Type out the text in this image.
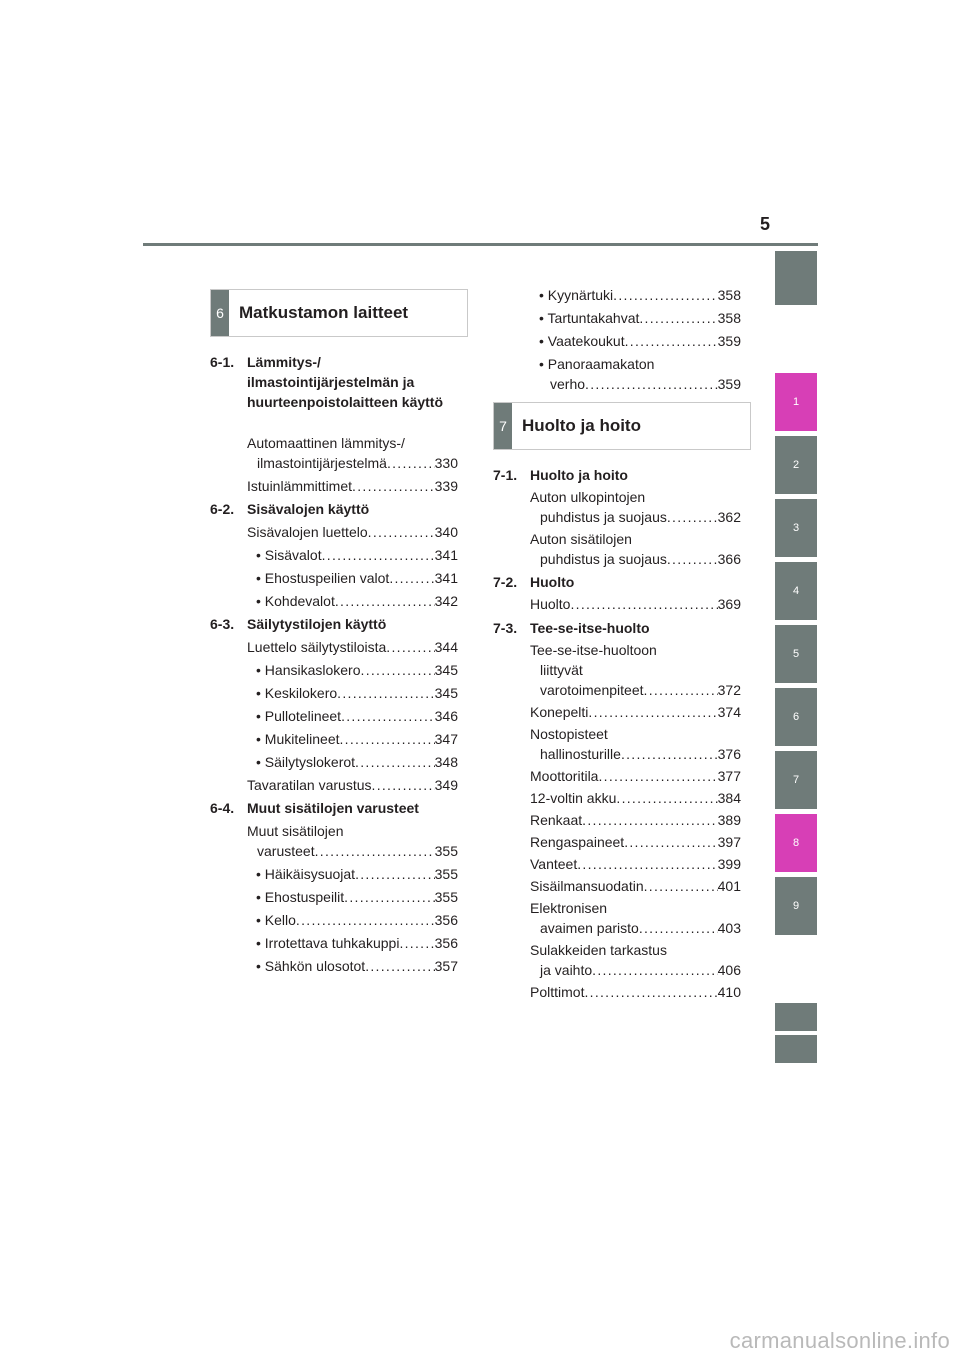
5
1
2
3
4
5
6
7
8
9
6 Matkustamon laitteet
7 Huolto ja hoito
6-1. Lämmitys-/ ilmastointijärjestelmän ja huurteenpoistolaitteen käyttö
Automaattinen lämmitys-/
ilmastointijärjestelmä . . .	330
Istuinlämmittimet . . .	339
6-2. Sisävalojen käyttö
Sisävalojen luettelo . . .	340
• Sisävalot . . .	341
• Ehostuspeilien valot . . .	341
• Kohdevalot . . .	342
6-3. Säilytystilojen käyttö
Luettelo säilytystiloista . . .	344
• Hansikaslokero . . .	345
• Keskilokero . . .	345
• Pullotelineet . . .	346
• Mukitelineet . . .	347
• Säilytyslokerot . . .	348
Tavaratilan varustus . . .	349
6-4. Muut sisätilojen varusteet
Muut sisätilojen
varusteet . . .	355
• Häikäisysuojat . . .	355
• Ehostuspeilit . . .	355
• Kello . . .	356
• Irrotettava tuhkakuppi . . .	356
• Sähkön ulosotot . . .	357
• Kyynärtuki . . .	358
• Tartuntakahvat . . .	358
• Vaatekoukut . . .	359
• Panoraamakaton
verho . . .	359
7-1. Huolto ja hoito
Auton ulkopintojen
puhdistus ja suojaus . . .	362
Auton sisätilojen
puhdistus ja suojaus . . .	366
7-2. Huolto
Huolto . . .	369
7-3. Tee-se-itse-huolto
Tee-se-itse-huoltoon
liittyvät
varotoimenpiteet . . .	372
Konepelti . . .	374
Nostopisteet
hallinosturille . . .	376
Moottoritila . . .	377
12-voltin akku . . .	384
Renkaat . . .	389
Rengaspaineet . . .	397
Vanteet . . .	399
Sisäilmansuodatin . . .	401
Elektronisen
avaimen paristo . . .	403
Sulakkeiden tarkastus
ja vaihto . . .	406
Polttimot . . .	410
carmanualsonline.info
